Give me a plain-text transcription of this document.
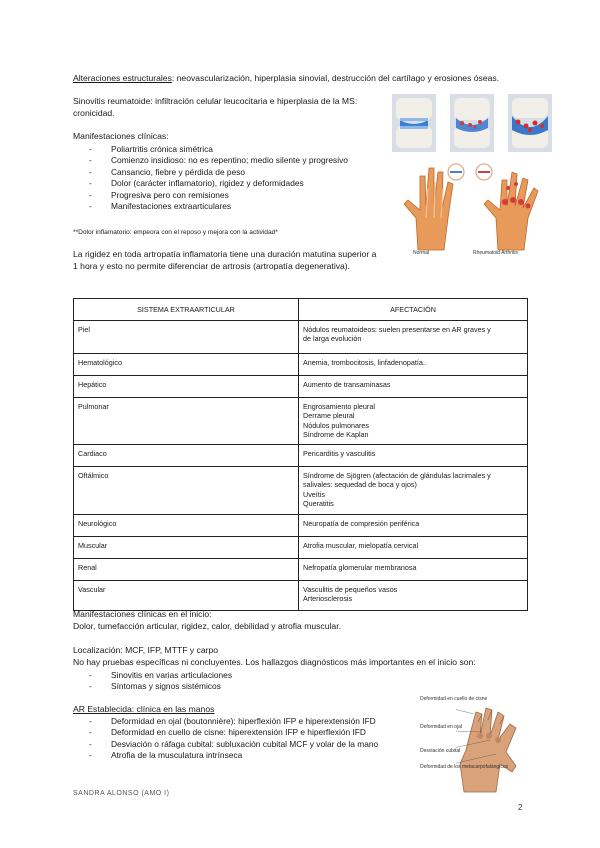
Alteraciones estructurales: neovascularización, hiperplasia sinovial, destrucción del cartílago y erosiones óseas.
Sinovitis reumatoide: infiltración celular leucocitaria e hiperplasia de la MS:
cronicidad.
Manifestaciones clínicas:
- Poliartritis crónica simétrica
- Comienzo insidioso: no es repentino; medio silente y progresivo
- Cansancio, fiebre y pérdida de peso
- Dolor (carácter inflamatorio), rigidez y deformidades
- Progresiva pero con remisiones
- Manifestaciones extraarticulares
**Dolor inflamatorio: empeora con el reposo y mejora con la actividad*
La rigidez en toda artropatía inflamatoria tiene una duración matutina superior a
1 hora y esto no permite diferenciar de artrosis (artropatía degenerativa).
Normal	Rheumatoid Arthritis
SISTEMA EXTRAARTICULAR	AFECTACIÓN
Piel	Nódulos reumatoideos: suelen presentarse en AR graves y
de larga evolución

Hematológico	Anemia, trombocitosis, linfadenopatía..

Hepático	Aumento de transaminasas

Pulmonar	Engrosamiento pleural
Derrame pleural
Nódulos pulmonares
Síndrome de Kaplan

Cardiaco	Pericarditis y vasculitis

Oftálmico	Síndrome de Sjögren (afectación de glándulas lacrimales y
salivales: sequedad de boca y ojos)
Uveítis
Queratitis

Neurológico	Neuropatía de compresión periférica

Muscular	Atrofia muscular, mielopatía cervical

Renal	Nefropatía glomerular membranosa

Vascular	Vasculitis de pequeños vasos
Arteriosclerosis
Manifestaciones clínicas en el inicio:
Dolor, tumefacción articular, rigidez, calor, debilidad y atrofia muscular.
Localización: MCF, IFP, MTTF y carpo
No hay pruebas específicas ni concluyentes. Los hallazgos diagnósticos más importantes en el inicio son:
- Sinovitis en varias articulaciones
- Síntomas y signos sistémicos
AR Establecida: clínica en las manos
- Deformidad en ojal (boutonnière): hiperflexión IFP e hiperextensión IFD
- Deformidad en cuello de cisne: hiperextensión IFP e hiperflexión IFD
- Desviación o ráfaga cubital: subluxación cubital MCF y volar de la mano
- Atrofia de la musculatura intrínseca
Deformidad en cuello de cisne
Deformidad en ojal
Desviación cubital
Deformidad de los metacarpofalángicos
SANDRA ALONSO (AMO I)
2
